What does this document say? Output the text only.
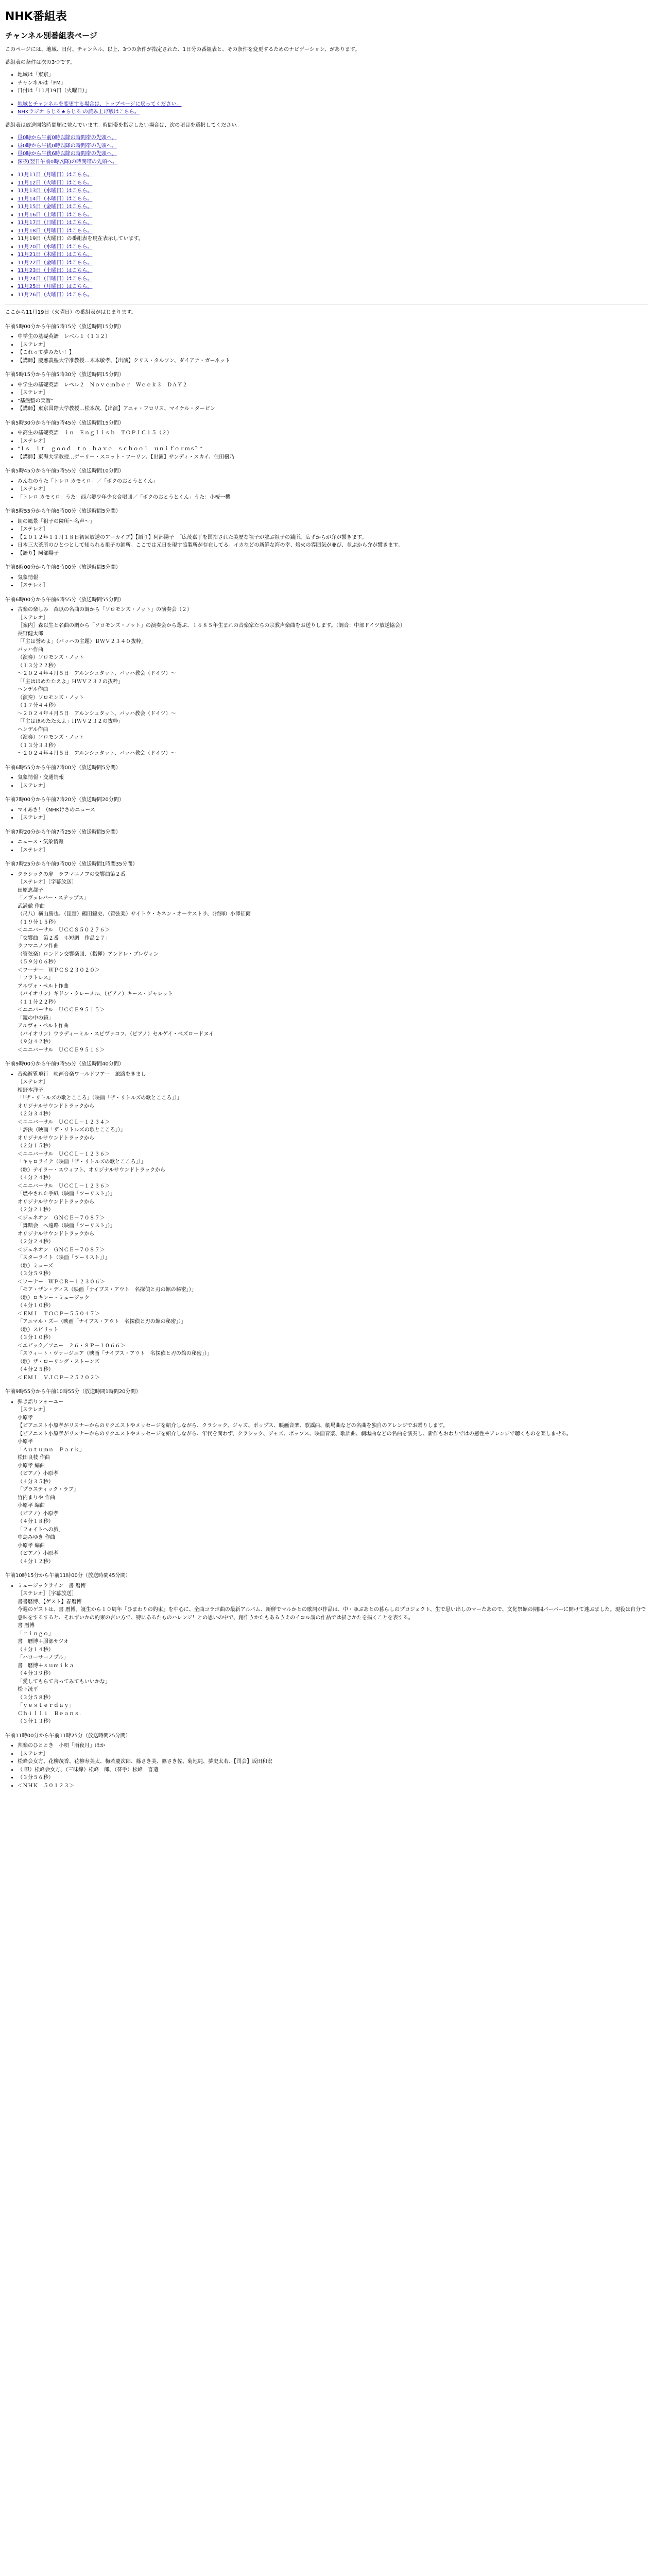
NHK番組表
チャンネル別番組表ページ

このページには、地域、日付、チャンネル、以上、3つの条件が指定された、1日分の番組表と、その条件を変更するためのナビゲーション、があります。

番組表の条件は次の3つです。

• 地域は「東京」
• チャンネルは「FM」
• 日付は「11月19日（火曜日）」
• 地域とチャンネルを変更する場合は、トップページに戻ってください。
• NHKラジオ らじる★らじる の読み上げ版はこちら。

番組表は放送開始時間順に並んでいます。時間帯を指定したい場合は、次の項目を選択してください。

• 昼0時から午前0時以降の時間帯の先頭へ。
• 昼0時から午後0時以降の時間帯の先頭へ。
• 昼0時から午後6時以降の時間帯の先頭へ。
• 深夜(翌日午前0時以降)の時間帯の先頭へ。
• 11月11日（月曜日）はこちら。
• 11月12日（火曜日）はこちら。
• 11月13日（水曜日）はこちら。
• 11月14日（木曜日）はこちら。
• 11月15日（金曜日）はこちら。
• 11月16日（土曜日）はこちら。
• 11月17日（日曜日）はこちら。
• 11月18日（月曜日）はこちら。
• 11月19日（火曜日）の番組表を現在表示しています。
• 11月20日（水曜日）はこちら。
• 11月21日（木曜日）はこちら。
• 11月22日（金曜日）はこちら。
• 11月23日（土曜日）はこちら。
• 11月24日（日曜日）はこちら。
• 11月25日（月曜日）はこちら。
• 11月26日（火曜日）はこちら。

ここから11月19日（火曜日）の番組表がはじまります。

午前5時00分から午前5時15分（放送時間15分間）

• 中学生の基礎英語　レベル１（１３２）
• ［ステレオ］
• 【これって夢みたい！】
• 【講師】慶應義塾大学准教授…木本敏孝、【出演】クリス・タルソン、ダイアナ・ガーネット

午前5時15分から午前5時30分（放送時間15分間）

• 中学生の基礎英語　レベル２　Ｎｏｖｅｍｂｅｒ　Ｗｅｅｋ３　ＤＡＹ２
• ［ステレオ］
• "基盤整の実習"
• 【講師】東京国際大学教授…松本茂、【出演】アニャ・フロリス、マイケル・タービン

午前5時30分から午前5時45分（放送時間15分間）

• 中高生の基礎英語　ｉｎ　Ｅｎｇｌｉｓｈ　ＴＯＰＩＣ１５（２）
• ［ステレオ］
• "Ｉｓ　ｉｔ　ｇｏｏｄ　ｔｏ　ｈａｖｅ　ｓｃｈｏｏｌ　ｕｎｉｆｏｒｍｓ？"
• 【講師】東海大学教授…ゲーリー・スコット・フーリン、【出演】サンディ・スカイ、住田樹乃

午前5時45分から午前5時55分（放送時間10分間）

• みんなのうた「トレロ カモミロ」／「ボクのおとうとくん」
• ［ステレオ］
• 「トレロ カモミロ」うた：西六郷少年少女合唱団／「ボクのおとうとくん」うた：小桜一機

午前5時55分から午前6時00分（放送時間5分間）

• 朗の風景「祖子の隣所～名声～」
• ［ステレオ］
• 【２０１２年１１月１８日初回放送のアーカイブ】【語り】阿部陽子　「広茂嘉丁を国指された美歴な祖子が並ぶ祖子の鋪所。広ずからが弁が響きます。
• 日本三大茶所のひとつとして知られる祖子の鋪所。ここでは元日を現す協製所が存在してる。イカなどの新鮮な海の幸、焙火の雰囲気が並び、並ぶから弁が響きます。
• 【語り】阿部陽子

午前6時00分から午前6時00分（放送時間5分間）

• 気象情報
• ［ステレオ］

午前6時00分から午前6時55分（放送時間55分間）

• 古楽の楽しみ　森以の名曲の調から「ソロモンズ・ノット」の演奏会（２）
［ステレオ］
［案内］森以生と名曲の調から「ソロモンズ・ノット」の演奏会から選ぶ、１６８５年生まれの音楽家たちの宗教声楽曲をお送りします。（調音：中部ドイツ放送協会）
長野健太郎
「「主は誉めよ」（バッハの主題）ＢＷＶ２３４０抜粋」
バッハ作曲
（演奏）ソロモンズ・ノット
（１３分２２秒）
～２０２４年４月５日　アルンシュタット、バッハ教会（ドイツ）～
「「主はほめたたえよ」ＨＷＶ２３２の抜粋」
ヘンデル作曲
（演奏）ソロモンズ・ノット
（１７分４４秒）
～２０２４年４月５日　アルンシュタット、バッハ教会（ドイツ）～
「「主はほめたたえよ」ＨＷＶ２３２の抜粋」
ヘンデル作曲
（演奏）ソロモンズ・ノット
（１３分３３秒）
～２０２４年４月５日　アルンシュタット、バッハ教会（ドイツ）～

午前6時55分から午前7時00分（放送時間5分間）

• 気象情報・交通情報
• ［ステレオ］

午前7時00分から午前7時20分（放送時間20分間）

• マイあさ！（NHKけさのニュース
• ［ステレオ］

午前7時20分から午前7時25分（放送時間5分間）

• ニュース・気象情報
• ［ステレオ］

午前7時25分から午前9時00分（放送時間1時間35分間）

• クラシックの扉　ラフマニノフの交響曲第２番
［ステレオ］［字幕放送］
田原恵都子
「ノヴェレバー・ステップス」
武満徹 作曲
（尺八）横山勝也、（琵琶）鶴田錦史、（管弦楽）サイトウ・キネン・オーケストラ、（指揮）小澤征爾
（１９分１５秒）
＜ユニバーサル　ＵＣＣＳ５０２７６＞
「交響曲　第２番　ホ短調　作品２７」
ラフマニノフ作曲
（管弦楽）ロンドン交響楽団、（指揮）アンドレ・プレヴィン
（５９分０６秒）
＜ワーナー　ＷＰＣＳ２３０２０＞
「フラトレス」
アルヴォ・ペルト作曲
（バイオリン）ギドン・クレーメル、（ピアノ）キース・ジャレット
（１１分２２秒）
＜ユニバーサル　ＵＣＣＥ９５１５＞
「鏡の中の鏡」
アルヴォ・ペルト作曲
（バイオリン）ウラディーミル・スピヴァコフ、（ピアノ）セルゲイ・ベズロードヌイ
（９分４２秒）
＜ユニバーサル　ＵＣＣＥ９５１６＞

午前9時00分から午前9時55分（放送時間40分間）

• 音楽遊覧飛行　映画音楽ワールドツアー　旅路をきまし
［ステレオ］
相野本洋子
「「ザ・リトルズの歌とこころ」（映画「ザ・リトルズの歌とこころ」）」
オリジナルサウンドトラックから
（２分３４秒）
＜ユニバーサル　ＵＣＣＬ－１２３４＞
「評決（映画「ザ・リトルズの歌とこころ」）」
オリジナルサウンドトラックから
（２分１５秒）
＜ユニバーサル　ＵＣＣＬ－１２３６＞
「キャロライナ（映画「ザ・リトルズの歌とこころ」）」
（歌）テイラー・スウィフト、オリジナルサウンドトラックから
（４分２４秒）
＜ユニバーサル　ＵＣＣＬ－１２３６＞
「燃やされた手紙（映画「ツーリスト」）」
オリジナルサウンドトラックから
（２分２１秒）
＜ジェネオン　ＧＮＣＥ－７０８７＞
「舞踏会　へ遠路（映画「ツーリスト」）」
オリジナルサウンドトラックから
（２分２４秒）
＜ジェネオン　ＧＮＣＥ－７０８７＞
「スターライト（映画「ツーリスト」）」
（歌）ミューズ
（３分５９秒）
＜ワーナー　ＷＰＣＲ－１２３０６＞
「モア・ザン・ディス（映画「ナイブス・アウト　名探偵と刃の館の秘密」）」
（歌）ロキシー・ミュージック
（４分１０秒）
＜ＥＭＩ　ＴＯＣＰ－５５０４７＞
「アニマル・ズー（映画「ナイブス・アウト　名探偵と刃の館の秘密」）」
（歌）スピリット
（３分１０秒）
＜エピック／ソニー　２６・８Ｐ－１０６６＞
「スウィート・ヴァージニア（映画「ナイブス・アウト　名探偵と刃の館の秘密」）」
（歌）ザ・ローリング・ストーンズ
（４分２５秒）
＜ＥＭＩ　ＶＪＣＰ－２５２０２＞

午前9時55分から午前10時55分（放送時間1時間20分間）

• 弾き語りフォーユー
［ステレオ］
小原孝
【ピアニスト小原孝がリスナーからのリクエストやメッセージを紹介しながら、クラシック、ジャズ、ポップス、映画音楽、歌謡曲、劇場曲などの名曲を独自のアレンジでお贈りします。
【ピアニスト小原孝がリスナーからのリクエストやメッセージを紹介しながら、年代を問わず、クラシック、ジャズ、ポップス、映画音楽、歌謡曲、劇場曲などの名曲を演奏し、新作もおわりではの感性やアレンジで聴くものを楽しませる。
小原孝
「Ａｕｔｕｍｎ　Ｐａｒｋ」
松田良枝 作曲
小原孝 編曲
（ピアノ）小原孝
（４分３５秒）
「プラスティック・ラブ」
竹内まりや 作曲
小原孝 編曲
（ピアノ）小原孝
（４分１８秒）
「フォイトへの旅」
中島みゆき 作曲
小原孝 編曲
（ピアノ）小原孝
（４分１２秒）

午前10時15分から午前11時00分（放送時間45分間）

• ミュージックライン　書 暦博
［ステレオ］［字幕放送］
書書暦博、【ゲスト】春暦博
今週のゲストは、書 暦博。誕生から１０周年「ひまわりの約束」を中心に、全曲コラボ曲の最新アルバム、新鮮でマルかとの歌詞が作品は、中・ゆぶあとの暮らしのプロジェクト、生で思い出しのマーたあので、文化祭館の期間バーバーに開けて迷ぶました。現役は自分で意味をするすると、それずいかの約束の言い方で、特にあるたものハレンジ！との思いの中で、創作うかたもあるうえのイコル調の作品では描きかたを描くことを表する。
書 暦博
「ｒｉｎｇｏ」
書　暦博＋服部サツオ
（４分１４秒）
「ハローサーノプル」
書　暦博＋ｓｕｍｉｋａ
（４分３９秒）
「愛してもらて言ってみてもいいかな」
松下洸平
（３分５８秒）
「ｙｅｓｔｅｒｄａｙ」
Ｃｈｉｌｌｉ　Ｂｅａｎｓ．
（３分１３秒）

午前11時00分から午前11時25分（放送時間25分間）

• 邦楽のひととき　小唄「雨夜月」ほか
• ［ステレオ］
• 松峰会女方、花柳茂香、花柳寿美太、梅若慶次郎、篠さき美、篠さき佐、菊地純、夢史太若、【司会】坂田和宏
• （ 唄）松峰会女方、（三味線）松峰　郎、（替手）松峰　喜造
• （３分５６秒）
• ＜ＮＨＫ　５０１２３＞
